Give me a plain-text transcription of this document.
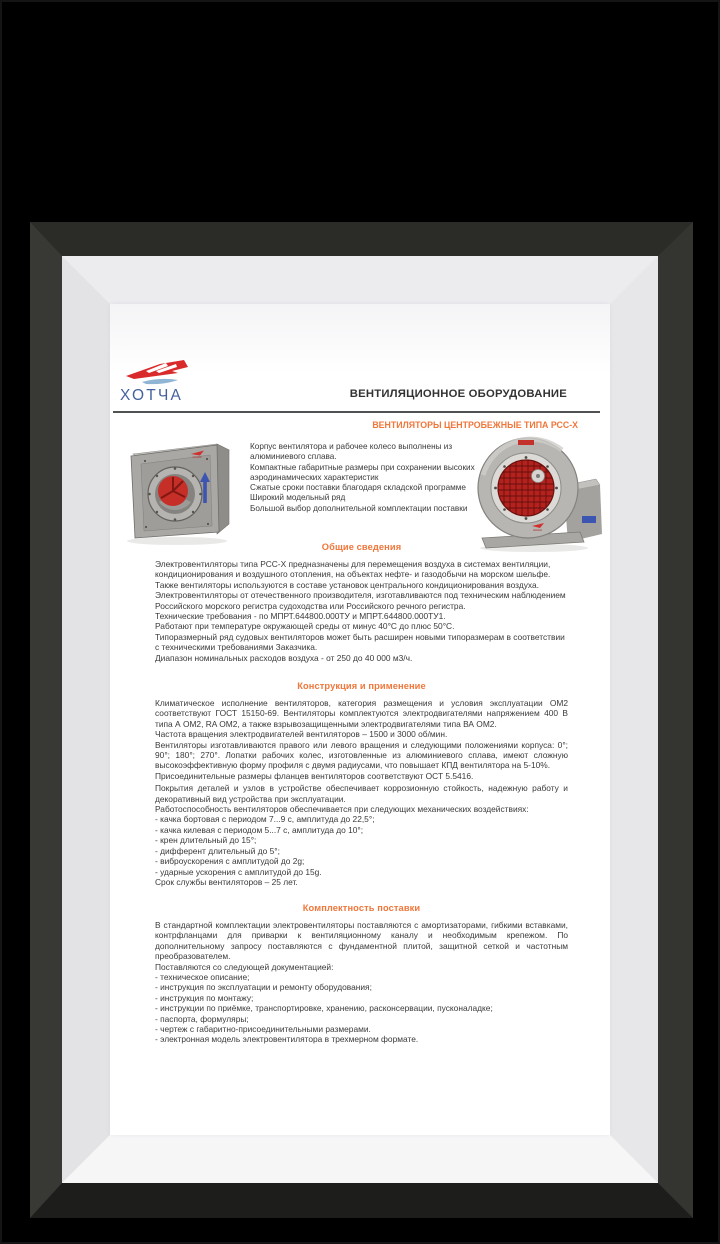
ХОТЧА	ВЕНТИЛЯЦИОННОЕ ОБОРУДОВАНИЕ
ВЕНТИЛЯТОРЫ ЦЕНТРОБЕЖНЫЕ ТИПА РСС-Х
Корпус вентилятора и рабочее колесо выполнены из алюминиевого сплава.
Компактные габаритные размеры при сохранении высоких аэродинамических характеристик
Сжатые сроки поставки благодаря складской программе
Широкий модельный ряд
Большой выбор дополнительной комплектации поставки
Общие сведения

Электровентиляторы типа РСС-Х предназначены для перемещения воздуха в системах вентиляции, кондиционирования и воздушного отопления, на объектах нефте- и газодобычи на морском шельфе.

Также вентиляторы используются в составе установок центрального кондиционирования воздуха.

Электровентиляторы от отечественного производителя, изготавливаются под техническим наблюдением Российского морского регистра судоходства или Российского речного регистра.

Технические требования - по МПРТ.644800.000ТУ и МПРТ.644800.000ТУ1.

Работают при температуре окружающей среды от минус 40°С до плюс 50°С.

Типоразмерный ряд судовых вентиляторов может быть расширен новыми типоразмерам в соответствии с техническими требованиями Заказчика.

Диапазон номинальных расходов воздуха - от 250 до 40 000 м3/ч.

Конструкция и применение

Климатическое исполнение вентиляторов, категория размещения и условия эксплуатации ОМ2 соответствуют ГОСТ 15150-69. Вентиляторы комплектуются электродвигателями напряжением 400 В типа А ОМ2, RA ОМ2, а также взрывозащищенными электродвигателями типа ВА ОМ2.

Частота вращения электродвигателей вентиляторов – 1500 и 3000 об/мин.

Вентиляторы изготавливаются правого или левого вращения и следующими положениями корпуса: 0°; 90°; 180°; 270°. Лопатки рабочих колес, изготовленные из алюминиевого сплава, имеют сложную высокоэффективную форму профиля с двумя радиусами, что повышает КПД вентилятора на 5-10%.

Присоединительные размеры фланцев вентиляторов соответствуют ОСТ 5.5416.

Покрытия деталей и узлов в устройстве обеспечивает коррозионную стойкость, надежную работу и декоративный вид устройства при эксплуатации.

Работоспособность вентиляторов обеспечивается при следующих механических воздействиях:

- качка бортовая с периодом 7...9 с, амплитуда до 22,5°;

- качка килевая с периодом 5...7 с, амплитуда до 10°;

- крен длительный до 15°;

- дифферент длительный до 5°;

- виброускорения с амплитудой до 2g;

- ударные ускорения с амплитудой до 15g.

Срок службы вентиляторов – 25 лет.

Комплектность поставки

В стандартной комплектации электровентиляторы поставляются с амортизаторами, гибкими вставками, контрфланцами для приварки к вентиляционному каналу и необходимым крепежом. По дополнительному запросу поставляются с фундаментной плитой, защитной сеткой и частотным преобразователем.

Поставляются со следующей документацией:

- техническое описание;

- инструкция по эксплуатации и ремонту оборудования;

- инструкция по монтажу;

- инструкции по приёмке, транспортировке, хранению, расконсервации, пусконаладке;

- паспорта, формуляры;

- чертеж с габаритно-присоединительными размерами.

- электронная модель электровентилятора в трехмерном формате.
